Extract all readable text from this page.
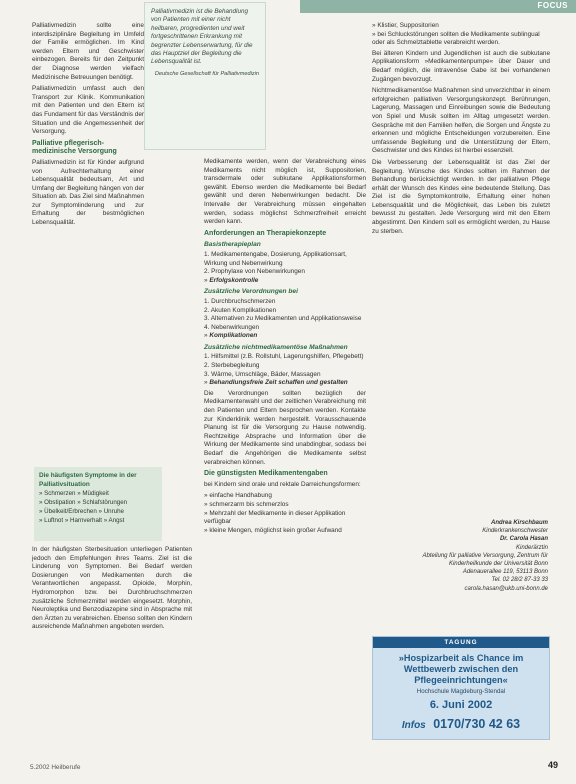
FOCUS
Palliativmedizin ist die Behandlung von Patienten mit einer nicht heilbaren, progredienten und weit fortgeschrittenen Erkrankung mit begrenzter Lebenserwartung, für die das Hauptziel der Begleitung die Lebensqualität ist.
Deutsche Gesellschaft für Palliativmedizin

Palliativmedizin sollte eine interdisziplinäre Begleitung im Umfeld der Familie ermöglichen. Im Kind werden Eltern und Geschwister einbezogen. Bereits für den Zeitpunkt der Diagnose werden vielfach Medizinische Betreuungen benötigt.

Palliativmedizin umfasst auch den Transport zur Klinik. Kommunikation mit den Patienten und den Eltern ist das Fundament für das Verständnis der Situation und die Angemessenheit der Versorgung.

Palliative pflegerisch-medizinische Versorgung

Palliativmedizin ist für Kinder aufgrund von Aufrechterhaltung einer Lebensqualität bedeutsam, Art und Umfang der Begleitung hängen von der Situation ab. Das Ziel sind Maßnahmen zur Symptomlinderung und zur Erhaltung der bestmöglichen Lebensqualität.

Die häufigsten Symptome in der Palliativsituation
» Schmerzen » Müdigkeit
» Obstipation » Schlafstörungen
» Übelkeit/Erbrechen » Unruhe
» Luftnot » Harnverhalt » Angst

In der häufigsten Sterbesituation unterliegen Patienten jedoch den Empfehlungen ihres Teams. Ziel ist die Linderung von Symptomen. Bei Bedarf werden Dosierungen von Medikamenten durch die Verantwortlichen angepasst. Opioide, Morphin, Hydromorphon bzw. bei Durchbruchschmerzen zusätzliche Schmerzmittel werden eingesetzt. Morphin, Neuroleptika und Benzodiazepine sind in Absprache mit den Ärzten zu verabreichen. Ebenso sollten den Kindern ausreichende Maßnahmen angeboten werden.

Medikamente werden, wenn der Verabreichung eines Medikaments nicht möglich ist, Suppositorien, transdermale oder subkutane Applikationsformen gewählt. Ebenso werden die Medikamente bei Bedarf gewählt und deren Nebenwirkungen bedacht. Die Intervalle der Verabreichung müssen eingehalten werden, sodass möglichst Schmerzfreiheit erreicht werden kann.

Anforderungen an Therapiekonzepte
Basistherapieplan
1. Medikamentengabe, Dosierung, Applikationsart, Wirkung und Nebenwirkung
2. Prophylaxe von Nebenwirkungen
» Erfolgskontrolle
Zusätzliche Verordnungen bei
1. Durchbruchschmerzen
2. Akuten Komplikationen
3. Alternativen zu Medikamenten und Applikationsweise
4. Nebenwirkungen
» Komplikationen
Zusätzliche nichtmedikamentöse Maßnahmen
1. Hilfsmittel (z.B. Rollstuhl, Lagerungshilfen, Pflegebett)
2. Sterbebegleitung
3. Wärme, Umschläge, Bäder, Massagen
» Behandlungsfreie Zeit schaffen und gestalten

Die Verordnungen sollten bezüglich der Medikamentenwahl und der zeitlichen Verabreichung mit den Patienten und Eltern besprochen werden. Kontakte zur Kinderklinik werden hergestellt. Vorausschauende Planung ist für die Versorgung zu Hause notwendig. Rechtzeitige Absprache und Information über die Wirkung der Medikamente sind unabdingbar, sodass bei Bedarf die Angehörigen die Medikamente selbst verabreichen können.

Die günstigsten Medikamentengaben

bei Kindern sind orale und rektale Darreichungsformen:

» einfache Handhabung
» schmerzarm bis schmerzlos
» Mehrzahl der Medikamente in dieser Applikation verfügbar
» kleine Mengen, möglichst kein großer Aufwand
» Klistier, Suppositorien
» bei Schluckstörungen sollten die Medikamente sublingual oder als Schmelztablette verabreicht werden.

Bei älteren Kindern und Jugendlichen ist auch die subkutane Applikationsform »Medikamentenpumpe« über Dauer und Bedarf möglich, die intravenöse Gabe ist bei vorhandenen Zugängen bevorzugt.

Nichtmedikamentöse Maßnahmen sind unverzichtbar in einem erfolgreichen palliativen Versorgungskonzept. Berührungen, Lagerung, Massagen und Einreibungen sowie die Bedeutung von Spiel und Musik sollten im Alltag umgesetzt werden. Gespräche mit den Familien helfen, die Sorgen und Ängste zu erkennen und mögliche Entscheidungen vorzubereiten. Eine umfassende Begleitung und die Unterstützung der Eltern, Geschwister und des Kindes ist hierbei essenziell.

Die Verbesserung der Lebensqualität ist das Ziel der Begleitung. Wünsche des Kindes sollten im Rahmen der Behandlung berücksichtigt werden. In der palliativen Pflege erhält der Wunsch des Kindes eine bedeutende Stellung. Das Ziel ist die Symptomkontrolle, Erhaltung einer hohen Lebensqualität und die Möglichkeit, das Leben bis zuletzt bewusst zu gestalten. Jede Versorgung wird mit den Eltern abgestimmt. Den Kindern soll es ermöglicht werden, zu Hause zu sterben.

Andrea Kirschbaum
Kinderkrankenschwester
Dr. Carola Hasan
Kinderärztin
Abteilung für palliative Versorgung, Zentrum für Kinderheilkunde der Universität Bonn
Adenauerallee 119, 53113 Bonn
Tel. 02 28/2 87-33 33
carola.hasan@ukb.uni-bonn.de
TAGUNG
»Hospizarbeit als Chance im Wettbewerb zwischen den Pflegeeinrichtungen«
Hochschule Magdeburg-Stendal
6. Juni 2002
Infos 0170/730 42 63
5.2002 Heilberufe	49
